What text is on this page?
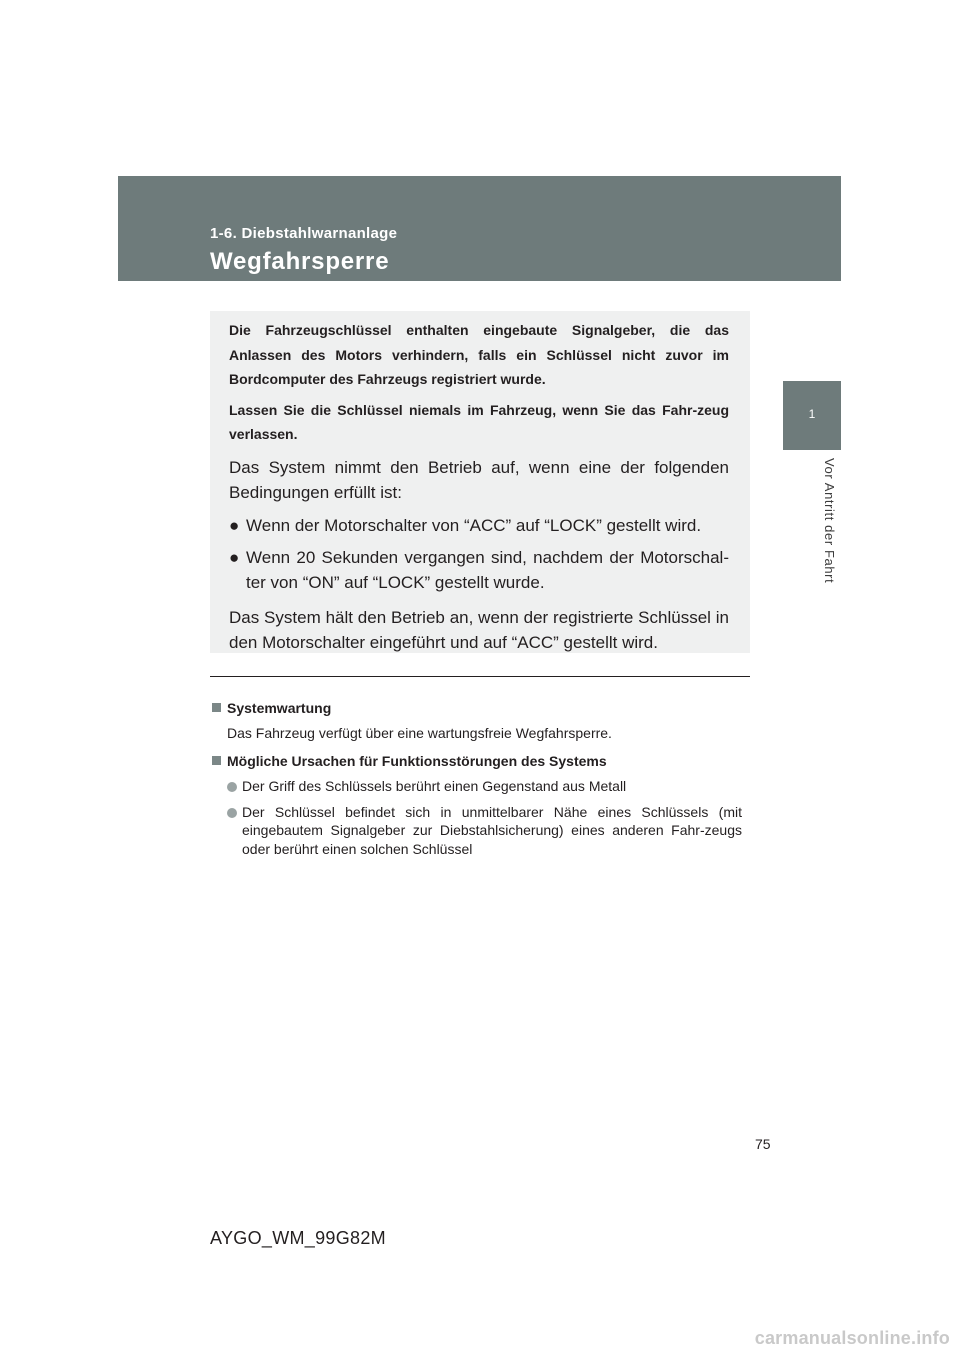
1-6. Diebstahlwarnanlage
Wegfahrsperre
1
Vor Antritt der Fahrt

Die Fahrzeugschlüssel enthalten eingebaute Signalgeber, die das Anlassen des Motors verhindern, falls ein Schlüssel nicht zuvor im Bordcomputer des Fahrzeugs registriert wurde.

Lassen Sie die Schlüssel niemals im Fahrzeug, wenn Sie das Fahr-zeug verlassen.

Das System nimmt den Betrieb auf, wenn eine der folgenden Bedingungen erfüllt ist:

● Wenn der Motorschalter von “ACC” auf “LOCK” gestellt wird.
● Wenn 20 Sekunden vergangen sind, nachdem der Motorschal-ter von “ON” auf “LOCK” gestellt wurde.

Das System hält den Betrieb an, wenn der registrierte Schlüssel in den Motorschalter eingeführt und auf “ACC” gestellt wird.

Systemwartung
Das Fahrzeug verfügt über eine wartungsfreie Wegfahrsperre.
Mögliche Ursachen für Funktionsstörungen des Systems
Der Griff des Schlüssels berührt einen Gegenstand aus Metall
Der Schlüssel befindet sich in unmittelbarer Nähe eines Schlüssels (mit eingebautem Signalgeber zur Diebstahlsicherung) eines anderen Fahr-zeugs oder berührt einen solchen Schlüssel
75
AYGO_WM_99G82M
carmanualsonline.info
